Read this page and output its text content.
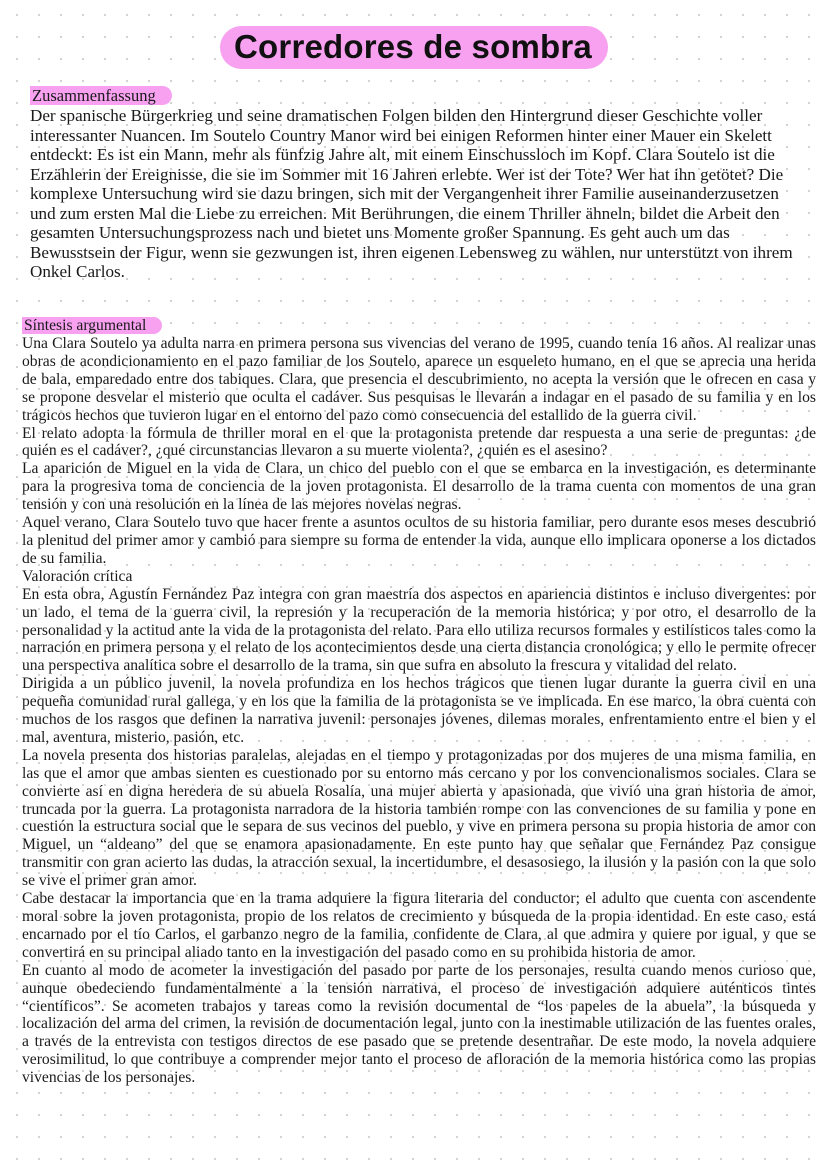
Corredores de sombra
Zusammenfassung

Der spanische Bürgerkrieg und seine dramatischen Folgen bilden den Hintergrund dieser Geschichte voller interessanter Nuancen. Im Soutelo Country Manor wird bei einigen Reformen hinter einer Mauer ein Skelett entdeckt: Es ist ein Mann, mehr als fünfzig Jahre alt, mit einem Einschussloch im Kopf. Clara Soutelo ist die Erzählerin der Ereignisse, die sie im Sommer mit 16 Jahren erlebte. Wer ist der Tote? Wer hat ihn getötet? Die komplexe Untersuchung wird sie dazu bringen, sich mit der Vergangenheit ihrer Familie auseinanderzusetzen und zum ersten Mal die Liebe zu erreichen. Mit Berührungen, die einem Thriller ähneln, bildet die Arbeit den gesamten Untersuchungsprozess nach und bietet uns Momente großer Spannung. Es geht auch um das Bewusstsein der Figur, wenn sie gezwungen ist, ihren eigenen Lebensweg zu wählen, nur unterstützt von ihrem Onkel Carlos.

Síntesis argumental

Una Clara Soutelo ya adulta narra en primera persona sus vivencias del verano de 1995, cuando tenía 16 años. Al realizar unas obras de acondicionamiento en el pazo familiar de los Soutelo, aparece un esqueleto humano, en el que se aprecia una herida de bala, emparedado entre dos tabiques. Clara, que presencia el descubrimiento, no acepta la versión que le ofrecen en casa y se propone desvelar el misterio que oculta el cadáver. Sus pesquisas le llevarán a indagar en el pasado de su familia y en los trágicos hechos que tuvieron lugar en el entorno del pazo como consecuencia del estallido de la guerra civil.

El relato adopta la fórmula de thriller moral en el que la protagonista pretende dar respuesta a una serie de preguntas: ¿de quién es el cadáver?, ¿qué circunstancias llevaron a su muerte violenta?, ¿quién es el asesino?

La aparición de Miguel en la vida de Clara, un chico del pueblo con el que se embarca en la investigación, es determinante para la progresiva toma de conciencia de la joven protagonista. El desarrollo de la trama cuenta con momentos de una gran tensión y con una resolución en la línea de las mejores novelas negras.

Aquel verano, Clara Soutelo tuvo que hacer frente a asuntos ocultos de su historia familiar, pero durante esos meses descubrió la plenitud del primer amor y cambió para siempre su forma de entender la vida, aunque ello implicara oponerse a los dictados de su familia.

Valoración crítica

En esta obra, Agustín Fernández Paz integra con gran maestría dos aspectos en apariencia distintos e incluso divergentes: por un lado, el tema de la guerra civil, la represión y la recuperación de la memoria histórica; y por otro, el desarrollo de la personalidad y la actitud ante la vida de la protagonista del relato. Para ello utiliza recursos formales y estilísticos tales como la narración en primera persona y el relato de los acontecimientos desde una cierta distancia cronológica; y ello le permite ofrecer una perspectiva analítica sobre el desarrollo de la trama, sin que sufra en absoluto la frescura y vitalidad del relato.

Dirigida a un público juvenil, la novela profundiza en los hechos trágicos que tienen lugar durante la guerra civil en una pequeña comunidad rural gallega, y en los que la familia de la protagonista se ve implicada. En ese marco, la obra cuenta con muchos de los rasgos que definen la narrativa juvenil: personajes jóvenes, dilemas morales, enfrentamiento entre el bien y el mal, aventura, misterio, pasión, etc.

La novela presenta dos historias paralelas, alejadas en el tiempo y protagonizadas por dos mujeres de una misma familia, en las que el amor que ambas sienten es cuestionado por su entorno más cercano y por los convencionalismos sociales. Clara se convierte así en digna heredera de su abuela Rosalía, una mujer abierta y apasionada, que vivió una gran historia de amor, truncada por la guerra. La protagonista narradora de la historia también rompe con las convenciones de su familia y pone en cuestión la estructura social que le separa de sus vecinos del pueblo, y vive en primera persona su propia historia de amor con Miguel, un “aldeano” del que se enamora apasionadamente. En este punto hay que señalar que Fernández Paz consigue transmitir con gran acierto las dudas, la atracción sexual, la incertidumbre, el desasosiego, la ilusión y la pasión con la que solo se vive el primer gran amor.

Cabe destacar la importancia que en la trama adquiere la figura literaria del conductor; el adulto que cuenta con ascendente moral sobre la joven protagonista, propio de los relatos de crecimiento y búsqueda de la propia identidad. En este caso, está encarnado por el tío Carlos, el garbanzo negro de la familia, confidente de Clara, al que admira y quiere por igual, y que se convertirá en su principal aliado tanto en la investigación del pasado como en su prohibida historia de amor.

En cuanto al modo de acometer la investigación del pasado por parte de los personajes, resulta cuando menos curioso que, aunque obedeciendo fundamentalmente a la tensión narrativa, el proceso de investigación adquiere auténticos tintes “científicos”. Se acometen trabajos y tareas como la revisión documental de “los papeles de la abuela”, la búsqueda y localización del arma del crimen, la revisión de documentación legal, junto con la inestimable utilización de las fuentes orales, a través de la entrevista con testigos directos de ese pasado que se pretende desentrañar. De este modo, la novela adquiere verosimilitud, lo que contribuye a comprender mejor tanto el proceso de afloración de la memoria histórica como las propias vivencias de los personajes.
